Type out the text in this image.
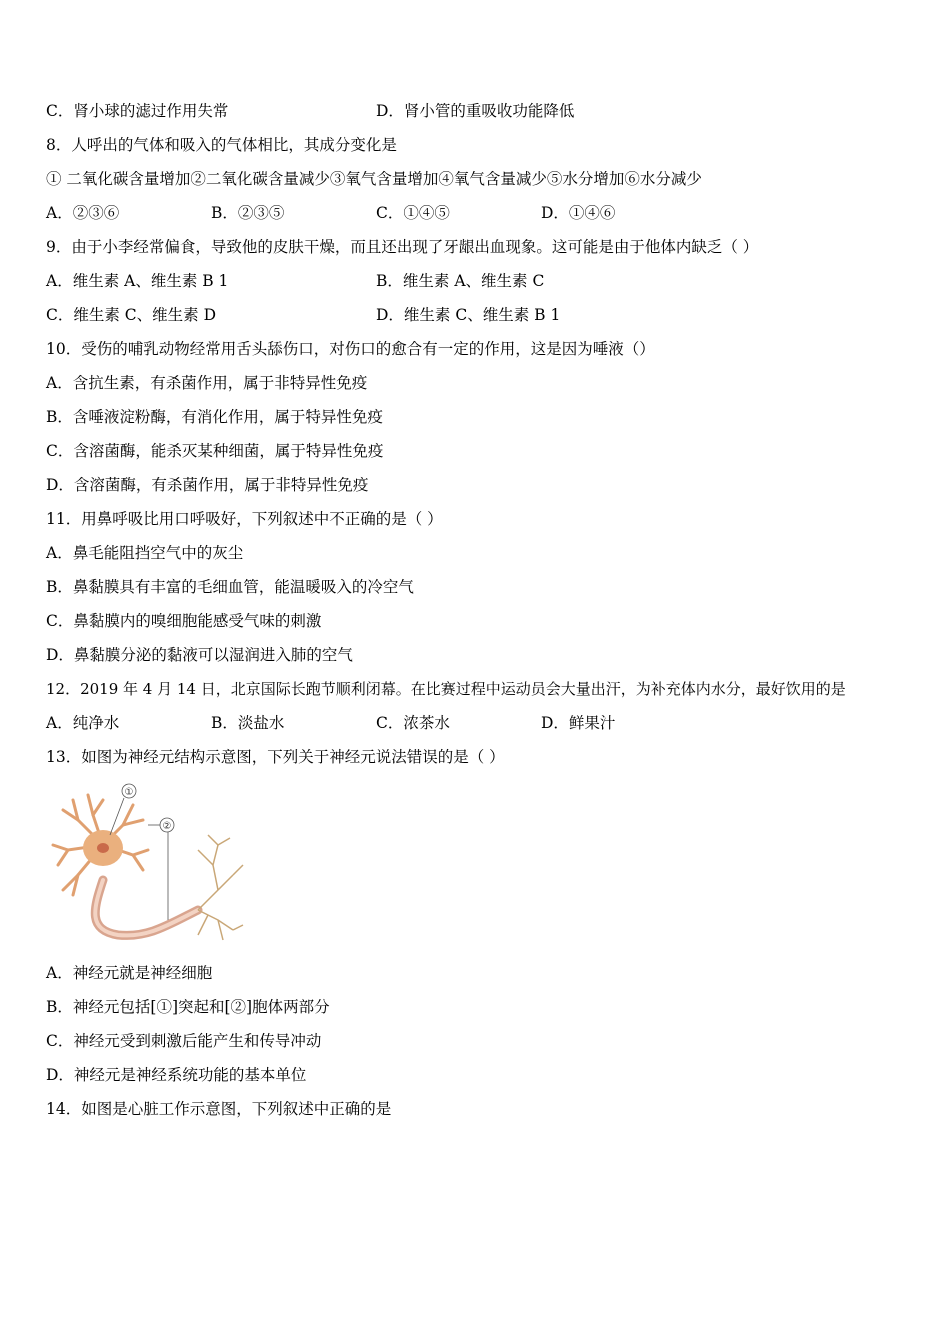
C．肾小球的滤过作用失常	D．肾小管的重吸收功能降低
8．人呼出的气体和吸入的气体相比，其成分变化是
① 二氧化碳含量增加②二氧化碳含量减少③氧气含量增加④氧气含量减少⑤水分增加⑥水分减少
A．②③⑥	B．②③⑤	C．①④⑤	D．①④⑥
9．由于小李经常偏食，导致他的皮肤干燥，而且还出现了牙龈出血现象。这可能是由于他体内缺乏（ ）
A．维生素 A、维生素 B 1	B．维生素 A、维生素 C
C．维生素 C、维生素 D	D．维生素 C、维生素 B 1
10．受伤的哺乳动物经常用舌头舔伤口，对伤口的愈合有一定的作用，这是因为唾液（）
A．含抗生素，有杀菌作用，属于非特异性免疫
B．含唾液淀粉酶，有消化作用，属于特异性免疫
C．含溶菌酶，能杀灭某种细菌，属于特异性免疫
D．含溶菌酶，有杀菌作用，属于非特异性免疫
11．用鼻呼吸比用口呼吸好，下列叙述中不正确的是（ ）
A．鼻毛能阻挡空气中的灰尘
B．鼻黏膜具有丰富的毛细血管，能温暖吸入的冷空气
C．鼻黏膜内的嗅细胞能感受气味的刺激
D．鼻黏膜分泌的黏液可以湿润进入肺的空气
12．2019 年 4 月 14 日，北京国际长跑节顺利闭幕。在比赛过程中运动员会大量出汗，为补充体内水分，最好饮用的是
A．纯净水	B．淡盐水	C．浓茶水	D．鲜果汁
13．如图为神经元结构示意图，下列关于神经元说法错误的是（ ）
①
②
A．神经元就是神经细胞
B．神经元包括[①]突起和[②]胞体两部分
C．神经元受到刺激后能产生和传导冲动
D．神经元是神经系统功能的基本单位
14．如图是心脏工作示意图，下列叙述中正确的是
